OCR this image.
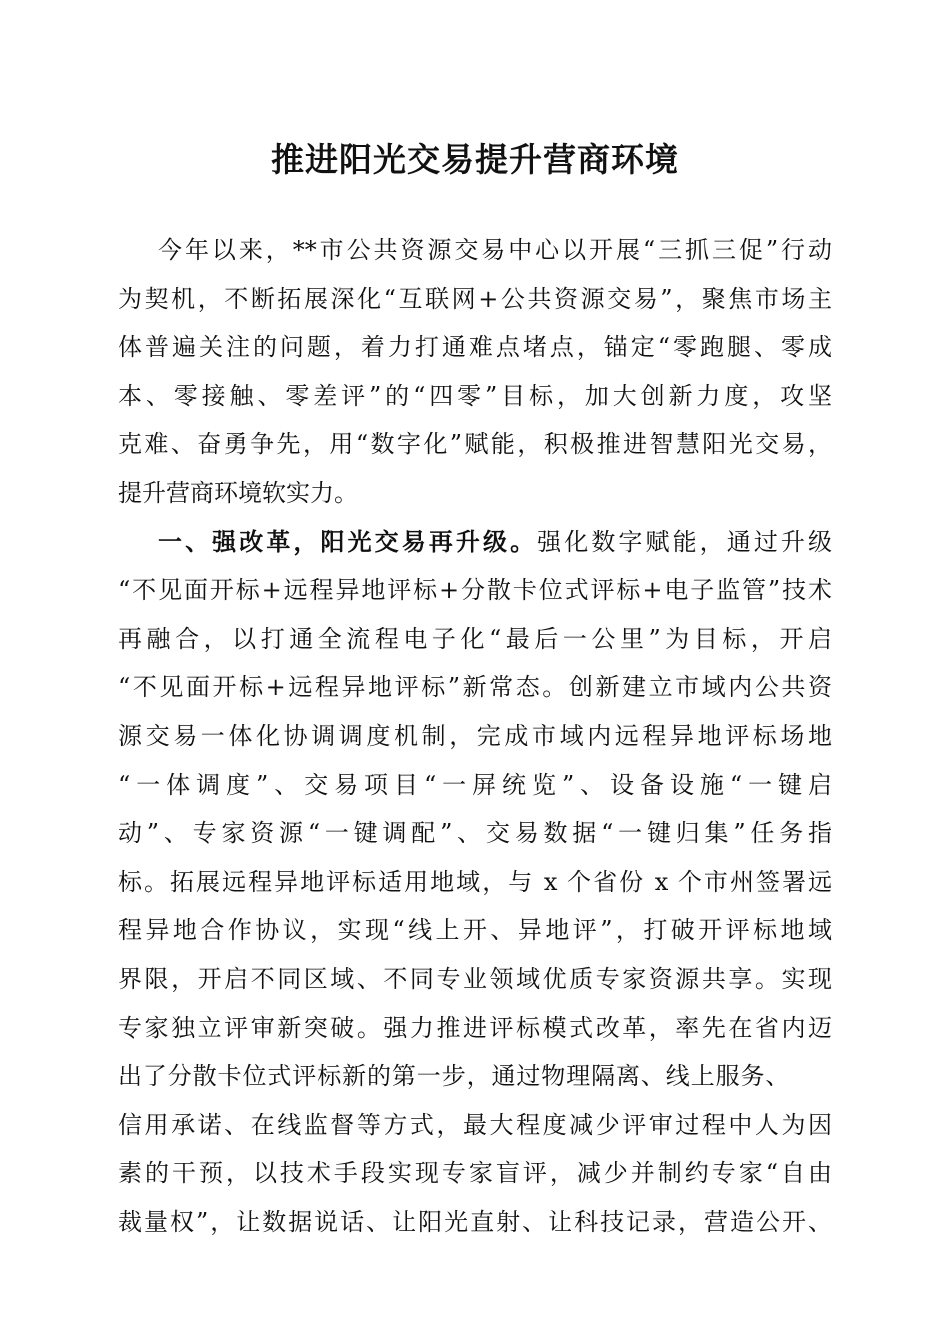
推进阳光交易提升营商环境
今年以来，**市公共资源交易中心以开展“三抓三促”行动
为契机，不断拓展深化“互联网+公共资源交易”，聚焦市场主
体普遍关注的问题，着力打通难点堵点，锚定“零跑腿、零成
本、零接触、零差评”的“四零”目标，加大创新力度，攻坚
克难、奋勇争先，用“数字化”赋能，积极推进智慧阳光交易，
提升营商环境软实力。
一、强改革，阳光交易再升级。强化数字赋能，通过升级
“不见面开标+远程异地评标+分散卡位式评标+电子监管”技术
再融合，以打通全流程电子化“最后一公里”为目标，开启
“不见面开标+远程异地评标”新常态。创新建立市域内公共资
源交易一体化协调调度机制，完成市域内远程异地评标场地
“一体调度”、交易项目“一屏统览”、设备设施“一键启
动”、专家资源“一键调配”、交易数据“一键归集”任务指
标。拓展远程异地评标适用地域，与 x 个省份 x 个市州签署远
程异地合作协议，实现“线上开、异地评”，打破开评标地域
界限，开启不同区域、不同专业领域优质专家资源共享。实现
专家独立评审新突破。强力推进评标模式改革，率先在省内迈
出了分散卡位式评标新的第一步，通过物理隔离、线上服务、
信用承诺、在线监督等方式，最大程度减少评审过程中人为因
素的干预，以技术手段实现专家盲评，减少并制约专家“自由
裁量权”，让数据说话、让阳光直射、让科技记录，营造公开、
